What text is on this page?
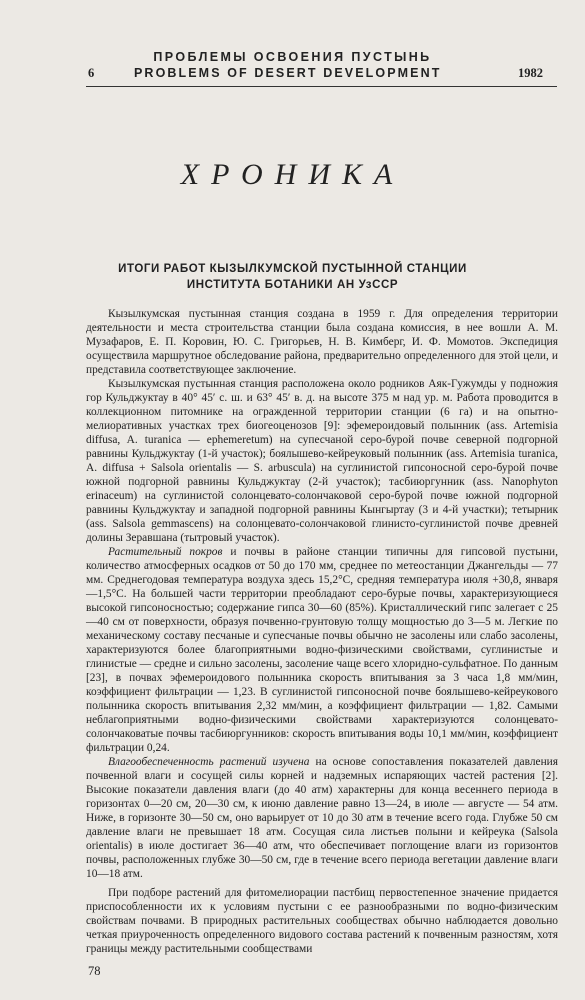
ПРОБЛЕМЫ ОСВОЕНИЯ ПУСТЫНЬ
6	PROBLEMS OF DESERT DEVELOPMENT	1982
ХРОНИКА
ИТОГИ РАБОТ КЫЗЫЛКУМСКОЙ ПУСТЫННОЙ СТАНЦИИ
ИНСТИТУТА БОТАНИКИ АН УзССР

Кызылкумская пустынная станция создана в 1959 г. Для определения территории деятельности и места строительства станции была создана комиссия, в нее вошли А. М. Музафаров, Е. П. Коровин, Ю. С. Григорьев, Н. В. Кимберг, И. Ф. Момотов. Экспедиция осуществила маршрутное обследование района, предварительно определенного для этой цели, и представила соответствующее заключение.

Кызылкумская пустынная станция расположена около родников Аяк-Гужумды у подножия гор Кульджуктау в 40° 45′ с. ш. и 63° 45′ в. д. на высоте 375 м над ур. м. Работа проводится в коллекционном питомнике на огражденной территории станции (6 га) и на опытно-мелиоративных участках трех биогеоценозов [9]: эфемероидовый полынник (ass. Artemisia diffusa, A. turanica — ephemeretum) на супесчаной серо-бурой почве северной подгорной равнины Кульджуктау (1-й участок); боялышево-кейреуковый полынник (ass. Artemisia turanica, A. diffusa + Salsola orientalis — S. arbuscula) на суглинистой гипсоносной серо-бурой почве южной подгорной равнины Кульджуктау (2-й участок); тасбиюргунник (ass. Nanophyton erinaceum) на суглинистой солонцевато-солончаковой серо-бурой почве южной подгорной равнины Кульджуктау и западной подгорной равнины Кынгыртау (3 и 4-й участки); тетырник (ass. Salsola gemmascens) на солонцевато-солончаковой глинисто-суглинистой почве древней долины Зеравшана (тытровый участок).

Растительный покров и почвы в районе станции типичны для гипсовой пустыни, количество атмосферных осадков от 50 до 170 мм, среднее по метеостанции Джангельды — 77 мм. Среднегодовая температура воздуха здесь 15,2°С, средняя температура июля +30,8, января —1,5°С. На большей части территории преобладают серо-бурые почвы, характеризующиеся высокой гипсоносностью; содержание гипса 30—60 (85%). Кристаллический гипс залегает с 25—40 см от поверхности, образуя почвенно-грунтовую толщу мощностью до 3—5 м. Легкие по механическому составу песчаные и супесчаные почвы обычно не засолены или слабо засолены, характеризуются более благоприятными водно-физическими свойствами, суглинистые и глинистые — средне и сильно засолены, засоление чаще всего хлоридно-сульфатное. По данным [23], в почвах эфемероидового полынника скорость впитывания за 3 часа 1,8 мм/мин, коэффициент фильтрации — 1,23. В суглинистой гипсоносной почве боялышево-кейреукового полынника скорость впитывания 2,32 мм/мин, а коэффициент фильтрации — 1,82. Самыми неблагоприятными водно-физическими свойствами характеризуются солонцевато-солончаковатые почвы тасбиюргунников: скорость впитывания воды 10,1 мм/мин, коэффициент фильтрации 0,24.

Влагообеспеченность растений изучена на основе сопоставления показателей давления почвенной влаги и сосущей силы корней и надземных испаряющих частей растения [2]. Высокие показатели давления влаги (до 40 атм) характерны для конца весеннего периода в горизонтах 0—20 см, 20—30 см, к июню давление равно 13—24, в июле — августе — 54 атм. Ниже, в горизонте 30—50 см, оно варьирует от 10 до 30 атм в течение всего года. Глубже 50 см давление влаги не превышает 18 атм. Сосущая сила листьев полыни и кейреука (Salsola orientalis) в июле достигает 36—40 атм, что обеспечивает поглощение влаги из горизонтов почвы, расположенных глубже 30—50 см, где в течение всего периода вегетации давление влаги 10—18 атм.

При подборе растений для фитомелиорации пастбищ первостепенное значение придается приспособленности их к условиям пустыни с ее разнообразными по водно-физическим свойствам почвами. В природных растительных сообществах обычно наблюдается довольно четкая приуроченность определенного видового состава растений к почвенным разностям, хотя границы между растительными сообществами

78
